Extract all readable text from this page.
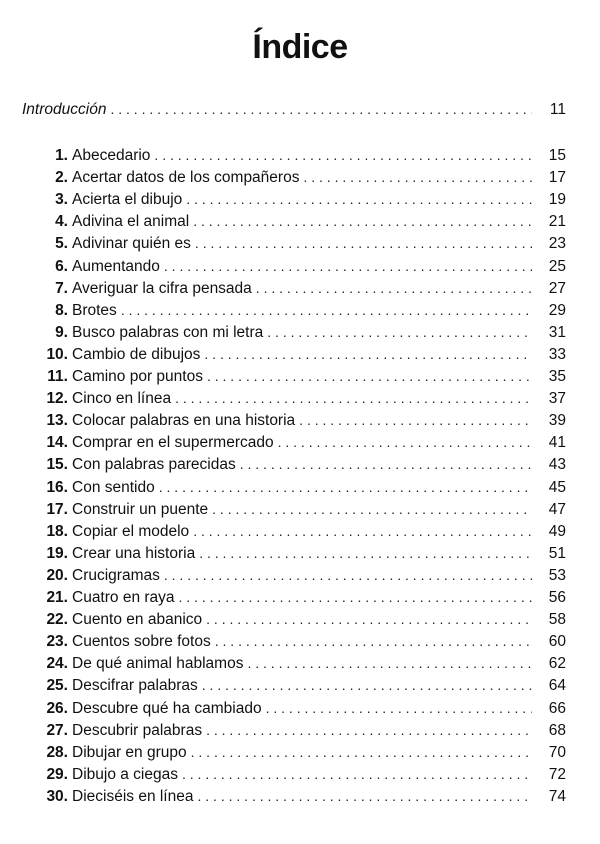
Índice
Introducción . . .	11
1. Abecedario . . .	15
2. Acertar datos de los compañeros . . .	17
3. Acierta el dibujo . . .	19
4. Adivina el animal . . .	21
5. Adivinar quién es . . .	23
6. Aumentando . . .	25
7. Averiguar la cifra pensada . . .	27
8. Brotes . . .	29
9. Busco palabras con mi letra . . .	31
10. Cambio de dibujos . . .	33
11. Camino por puntos . . .	35
12. Cinco en línea . . .	37
13. Colocar palabras en una historia . . .	39
14. Comprar en el supermercado . . .	41
15. Con palabras parecidas . . .	43
16. Con sentido . . .	45
17. Construir un puente . . .	47
18. Copiar el modelo . . .	49
19. Crear una historia . . .	51
20. Crucigramas . . .	53
21. Cuatro en raya . . .	56
22. Cuento en abanico . . .	58
23. Cuentos sobre fotos . . .	60
24. De qué animal hablamos . . .	62
25. Descifrar palabras . . .	64
26. Descubre qué ha cambiado . . .	66
27. Descubrir palabras . . .	68
28. Dibujar en grupo . . .	70
29. Dibujo a ciegas . . .	72
30. Dieciséis en línea . . .	74
